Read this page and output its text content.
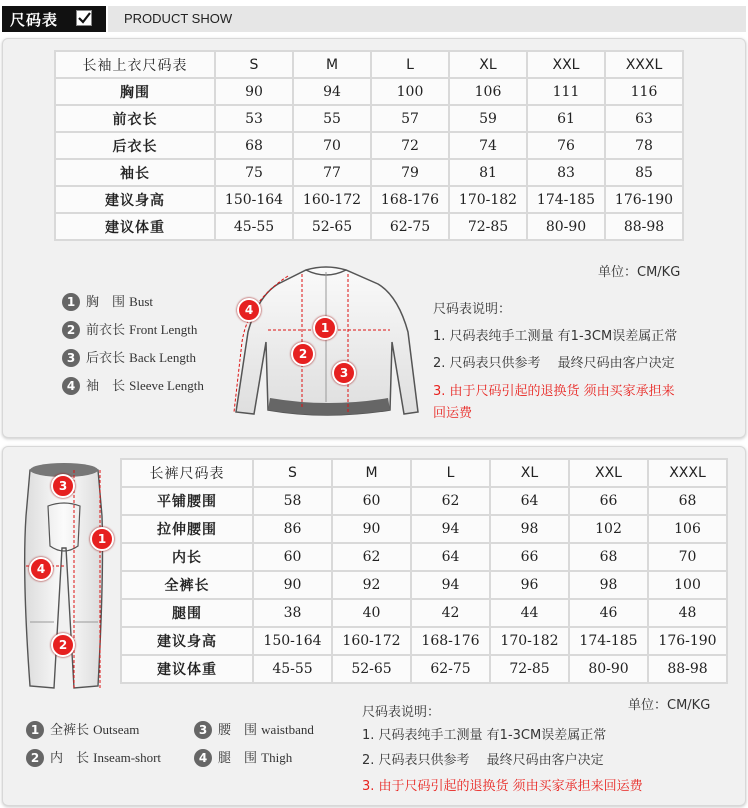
尺码表	PRODUCT SHOW
长袖上衣尺码表	S	M	L	XL	XXL	XXXL
胸围	90	94	100	106	111	116
前衣长	53	55	57	59	61	63
后衣长	68	70	72	74	76	78
袖长	75	77	79	81	83	85
建议身高	150-164	160-172	168-176	170-182	174-185	176-190
建议体重	45-55	52-65	62-75	72-85	80-90	88-98
单位：CM/KG
1 胸　围 Bust
2 前衣长 Front Length
3 后衣长 Back Length
4 袖　长 Sleeve Length
1
2
3
4	尺码表说明：
1. 尺码表纯手工测量 有1-3CM误差属正常
2. 尺码表只供参考　 最终尺码由客户决定
3. 由于尺码引起的退换货 须由买家承担来
回运费
长裤尺码表	S	M	L	XL	XXL	XXXL
平铺腰围	58	60	62	64	66	68
拉伸腰围	86	90	94	98	102	106
内长	60	62	64	66	68	70
全裤长	90	92	94	96	98	100
腿围	38	40	42	44	46	48
建议身高	150-164	160-172	168-176	170-182	174-185	176-190
建议体重	45-55	52-65	62-75	72-85	80-90	88-98
3
1
4
2
1 全裤长 Outseam	3 腰　围 waistband
2 内　长 Inseam-short	4 腿　围 Thigh
单位：CM/KG
尺码表说明：
1. 尺码表纯手工测量 有1-3CM误差属正常
2. 尺码表只供参考　 最终尺码由客户决定
3. 由于尺码引起的退换货 须由买家承担来回运费
